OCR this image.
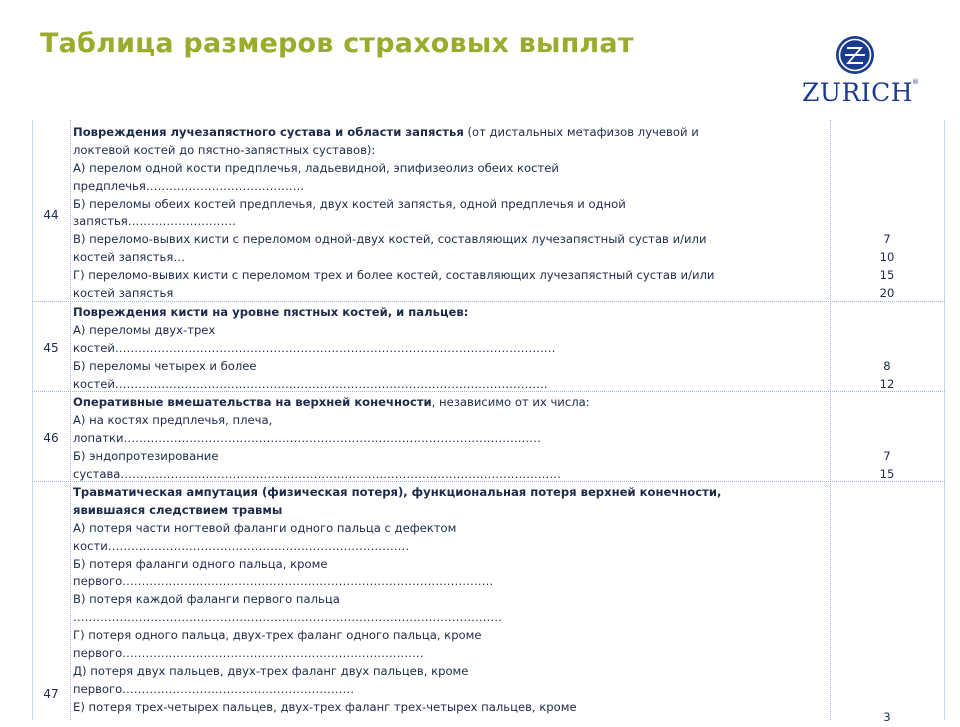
Таблица размеров страховых выплат
ZURICH
®
44
Повреждения лучезапястного сустава и области запястья (от дистальных метафизов лучевой и
локтевой костей до пястно-запястных суставов):
А) перелом одной кости предплечья, ладьевидной, эпифизеолиз обеих костей
предплечья…………………………………..
Б) переломы обеих костей предплечья, двух костей запястья, одной предплечья и одной
запястья……………………….
В) переломо-вывих кисти с переломом одной-двух костей, составляющих лучезапястный сустав и/или
костей запястья…
Г) переломо-вывих кисти с переломом трех и более костей, составляющих лучезапястный сустав и/или
костей запястья
7
10
15
20
45
Повреждения кисти на уровне пястных костей, и пальцев:
А) переломы двух-трех
костей……………………………………………………………………………………………………
Б) переломы четырех и более
костей………………………………………………………………………………………………….
8
12
46
Оперативные вмешательства на верхней конечности, независимо от их числа:
А) на костях предплечья, плеча,
лопатки………………………………………………………………………………………………
Б) эндопротезирование
сустава……………………………………………………………………………………………………
7
15
47
Травматическая ампутация (физическая потеря), функциональная потеря верхней конечности,
явившаяся следствием травмы
А) потеря части ногтевой фаланги одного пальца с дефектом
кости……………………………………………………………………
Б) потеря фаланги одного пальца, кроме
первого……………………………………………………………………………………
В) потеря каждой фаланги первого пальца
…………………………………………………………………………………………………
Г) потеря одного пальца, двух-трех фаланг одного пальца, кроме
первого……………………………………………………………………
Д) потеря двух пальцев, двух-трех фаланг двух пальцев, кроме
первого……………………………………………………
Е) потеря трех-четырех пальцев, двух-трех фаланг трех-четырех пальцев, кроме
3
